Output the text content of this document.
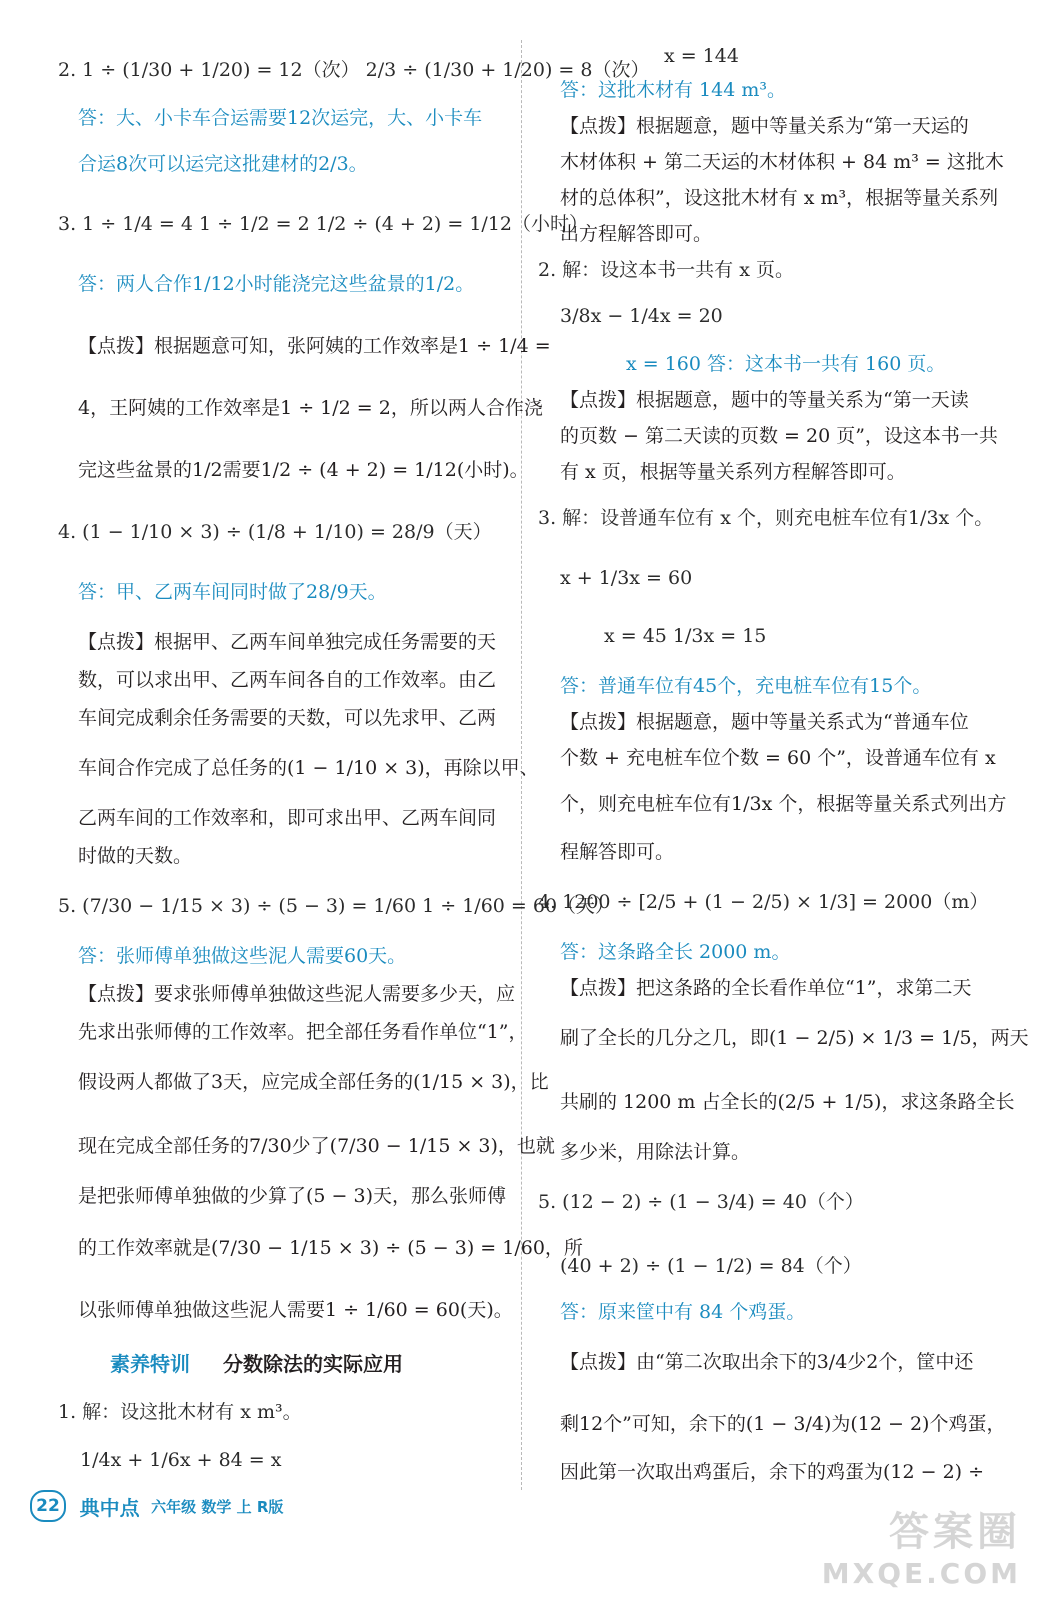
2. 1 ÷ (1/30 + 1/20) = 12（次） 2/3 ÷ (1/30 + 1/20) = 8（次）
答：大、小卡车合运需要12次运完，大、小卡车
合运8次可以运完这批建材的2/3。
3. 1 ÷ 1/4 = 4 1 ÷ 1/2 = 2 1/2 ÷ (4 + 2) = 1/12（小时）
答：两人合作1/12小时能浇完这些盆景的1/2。
【点拨】根据题意可知，张阿姨的工作效率是1 ÷ 1/4 =
4，王阿姨的工作效率是1 ÷ 1/2 = 2，所以两人合作浇
完这些盆景的1/2需要1/2 ÷ (4 + 2) = 1/12(小时)。
4. (1 − 1/10 × 3) ÷ (1/8 + 1/10) = 28/9（天）
答：甲、乙两车间同时做了28/9天。
【点拨】根据甲、乙两车间单独完成任务需要的天
数，可以求出甲、乙两车间各自的工作效率。由乙
车间完成剩余任务需要的天数，可以先求甲、乙两
车间合作完成了总任务的(1 − 1/10 × 3)，再除以甲、
乙两车间的工作效率和，即可求出甲、乙两车间同
时做的天数。
5. (7/30 − 1/15 × 3) ÷ (5 − 3) = 1/60 1 ÷ 1/60 = 60（天）
答：张师傅单独做这些泥人需要60天。
【点拨】要求张师傅单独做这些泥人需要多少天，应
先求出张师傅的工作效率。把全部任务看作单位“1”，
假设两人都做了3天，应完成全部任务的(1/15 × 3)，比
现在完成全部任务的7/30少了(7/30 − 1/15 × 3)，也就
是把张师傅单独做的少算了(5 − 3)天，那么张师傅
的工作效率就是(7/30 − 1/15 × 3) ÷ (5 − 3) = 1/60，所
以张师傅单独做这些泥人需要1 ÷ 1/60 = 60(天)。
素养特训 分数除法的实际应用
1. 解：设这批木材有 x m³。
1/4x + 1/6x + 84 = x
x = 144
答：这批木材有 144 m³。
【点拨】根据题意，题中等量关系为“第一天运的
木材体积 + 第二天运的木材体积 + 84 m³ = 这批木
材的总体积”，设这批木材有 x m³，根据等量关系列
出方程解答即可。
2. 解：设这本书一共有 x 页。
3/8x − 1/4x = 20
x = 160 答：这本书一共有 160 页。
【点拨】根据题意，题中的等量关系为“第一天读
的页数 − 第二天读的页数 = 20 页”，设这本书一共
有 x 页，根据等量关系列方程解答即可。
3. 解：设普通车位有 x 个，则充电桩车位有1/3x 个。
x + 1/3x = 60
x = 45 1/3x = 15
答：普通车位有45个，充电桩车位有15个。
【点拨】根据题意，题中等量关系式为“普通车位
个数 + 充电桩车位个数 = 60 个”，设普通车位有 x
个，则充电桩车位有1/3x 个，根据等量关系式列出方
程解答即可。
4. 1200 ÷ [2/5 + (1 − 2/5) × 1/3] = 2000（m）
答：这条路全长 2000 m。
【点拨】把这条路的全长看作单位“1”，求第二天
刷了全长的几分之几，即(1 − 2/5) × 1/3 = 1/5，两天
共刷的 1200 m 占全长的(2/5 + 1/5)，求这条路全长
多少米，用除法计算。
5. (12 − 2) ÷ (1 − 3/4) = 40（个）
(40 + 2) ÷ (1 − 1/2) = 84（个）
答：原来筐中有 84 个鸡蛋。
【点拨】由“第二次取出余下的3/4少2个，筐中还
剩12个”可知，余下的(1 − 3/4)为(12 − 2)个鸡蛋，
因此第一次取出鸡蛋后，余下的鸡蛋为(12 − 2) ÷
22 典中点 六年级 数学 上 R版
答案圈
MXQE.COM
